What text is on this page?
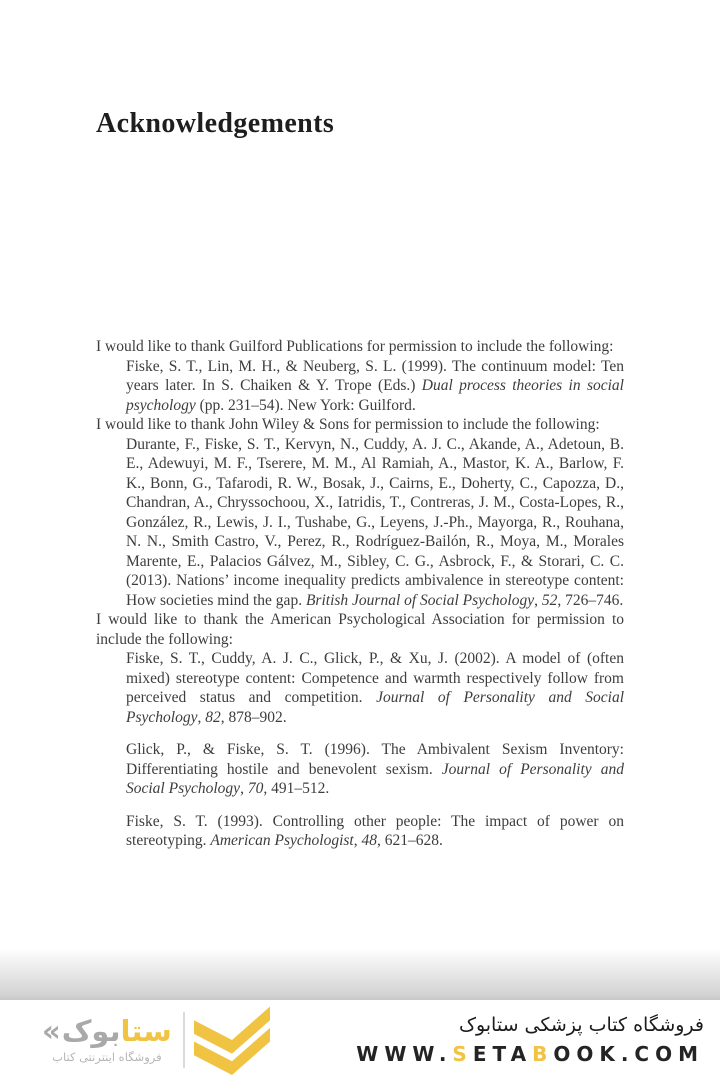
Acknowledgements

I would like to thank Guilford Publications for permission to include the following:

Fiske, S. T., Lin, M. H., & Neuberg, S. L. (1999). The continuum model: Ten years later. In S. Chaiken & Y. Trope (Eds.) Dual process theories in social psychology (pp. 231–54). New York: Guilford.

I would like to thank John Wiley & Sons for permission to include the following:

Durante, F., Fiske, S. T., Kervyn, N., Cuddy, A. J. C., Akande, A., Adetoun, B. E., Adewuyi, M. F., Tserere, M. M., Al Ramiah, A., Mastor, K. A., Barlow, F. K., Bonn, G., Tafarodi, R. W., Bosak, J., Cairns, E., Doherty, C., Capozza, D., Chandran, A., Chryssochoou, X., Iatridis, T., Contreras, J. M., Costa-Lopes, R., González, R., Lewis, J. I., Tushabe, G., Leyens, J.-Ph., Mayorga, R., Rouhana, N. N., Smith Castro, V., Perez, R., Rodríguez-Bailón, R., Moya, M., Morales Marente, E., Palacios Gálvez, M., Sibley, C. G., Asbrock, F., & Storari, C. C. (2013). Nations’ income inequality predicts ambivalence in stereotype content: How societies mind the gap. British Journal of Social Psychology, 52, 726–746.

I would like to thank the American Psychological Association for permission to include the following:

Fiske, S. T., Cuddy, A. J. C., Glick, P., & Xu, J. (2002). A model of (often mixed) stereotype content: Competence and warmth respectively follow from perceived status and competition. Journal of Personality and Social Psychology, 82, 878–902.

Glick, P., & Fiske, S. T. (1996). The Ambivalent Sexism Inventory: Differentiating hostile and benevolent sexism. Journal of Personality and Social Psychology, 70, 491–512.

Fiske, S. T. (1993). Controlling other people: The impact of power on stereotyping. American Psychologist, 48, 621–628.

« بوک ستا
فروشگاه اینترنتی کتاب
فروشگاه کتاب پزشکی ستابوک
WWW.SETABOOK.COM
